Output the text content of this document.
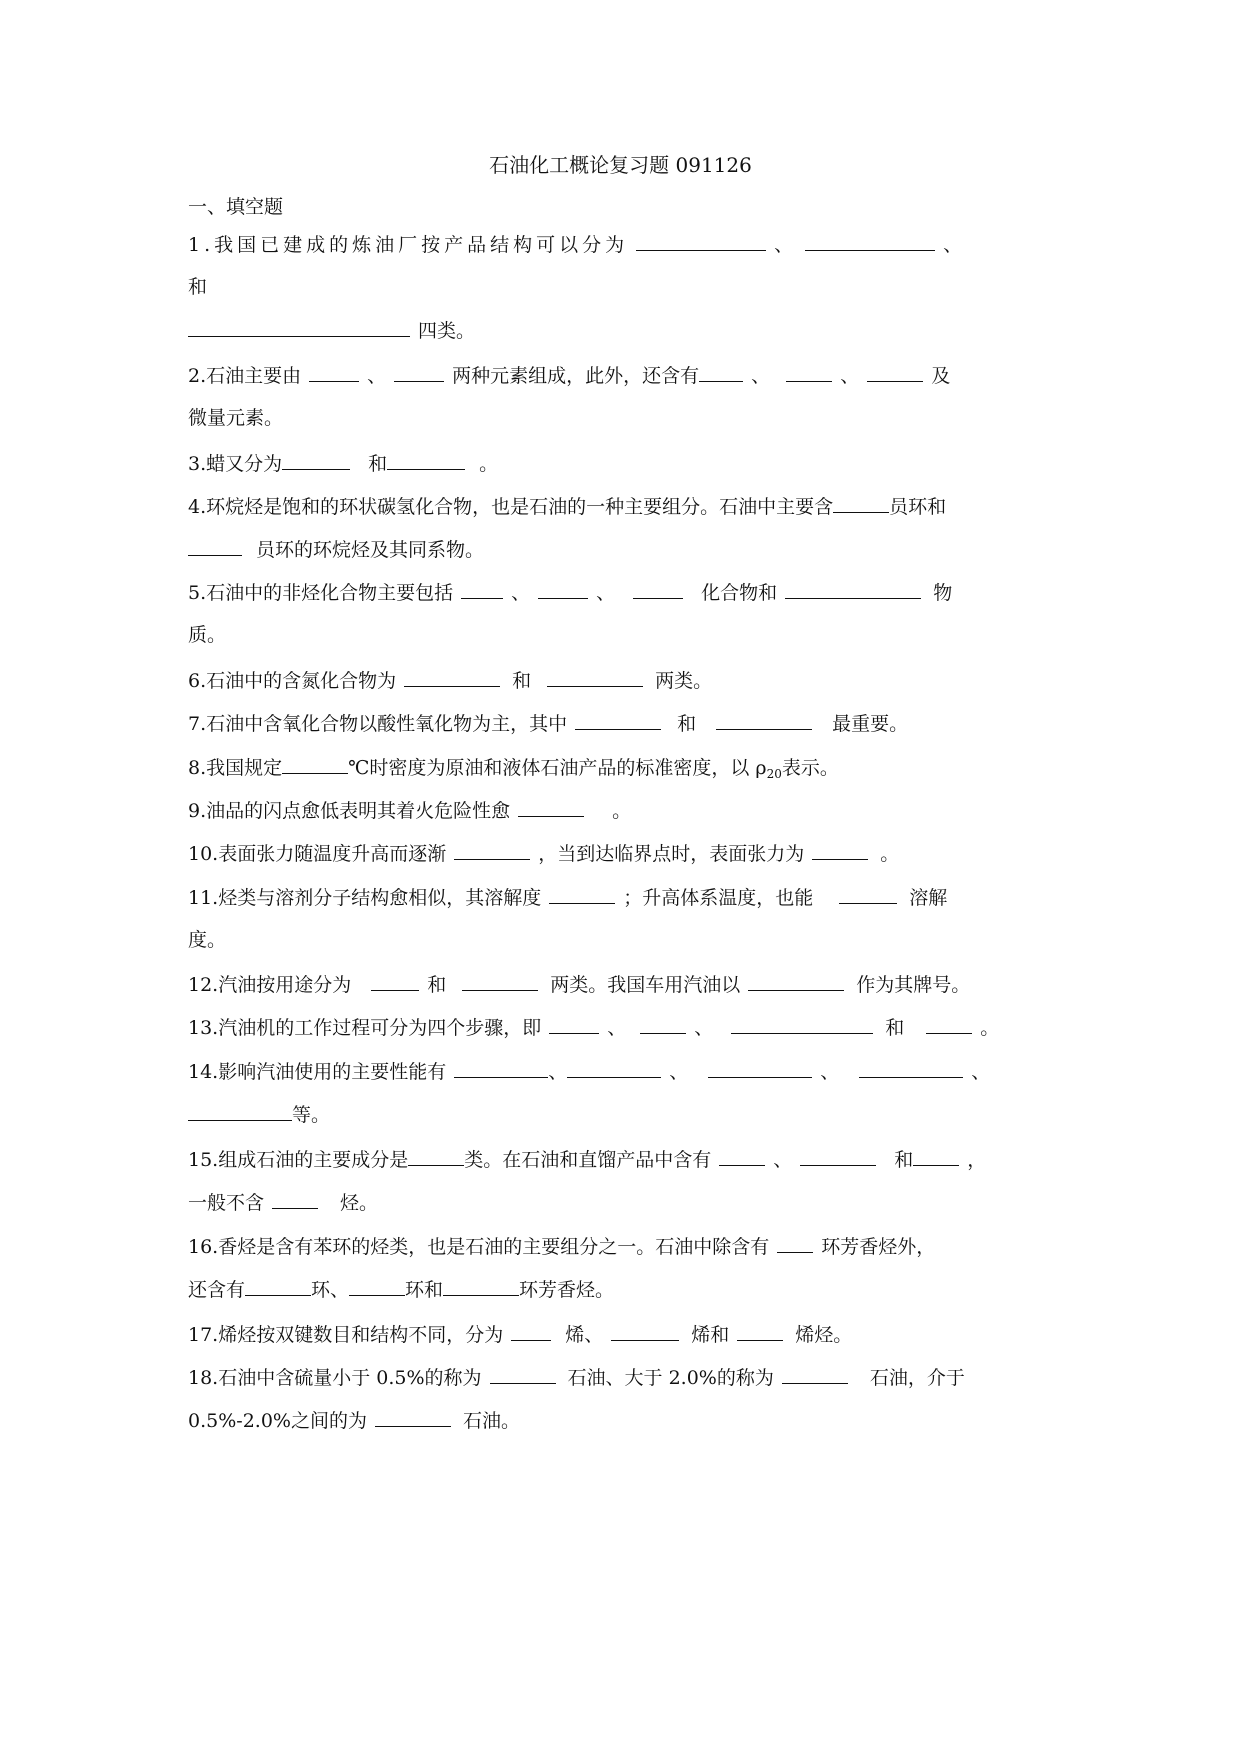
石油化工概论复习题 091126
一、填空题
1.我国已建成的炼油厂按产品结构可以分为	、	、
和
四类。
2.石油主要由	、	两种元素组成，此外，还含有	、	、	及
微量元素。
3.蜡又分为	和	。
4.环烷烃是饱和的环状碳氢化合物，也是石油的一种主要组分。石油中主要含	员环和
员环的环烷烃及其同系物。
5.石油中的非烃化合物主要包括	、	、	化合物和	物
质。
6.石油中的含氮化合物为	和	两类。
7.石油中含氧化合物以酸性氧化物为主，其中	和	最重要。
8.我国规定	℃时密度为原油和液体石油产品的标准密度，以 $\rho_{20}$表示。
9.油品的闪点愈低表明其着火危险性愈	。
10.表面张力随温度升高而逐渐	，当到达临界点时，表面张力为	。
11.烃类与溶剂分子结构愈相似，其溶解度	；升高体系温度，也能	溶解
度。
12.汽油按用途分为	和	两类。我国车用汽油以	作为其牌号。
13.汽油机的工作过程可分为四个步骤，即	、	、	和	。
14.影响汽油使用的主要性能有	、	、	、	、
等。
15.组成石油的主要成分是	类。在石油和直馏产品中含有	、	和	，
一般不含	烃。
16.香烃是含有苯环的烃类，也是石油的主要组分之一。石油中除含有	环芳香烃外，
还含有	环、	环和	环芳香烃。
17.烯烃按双键数目和结构不同，分为	烯、	烯和	烯烃。
18.石油中含硫量小于 0.5%的称为	石油、大于 2.0%的称为	石油，介于
0.5%-2.0%之间的为	石油。
